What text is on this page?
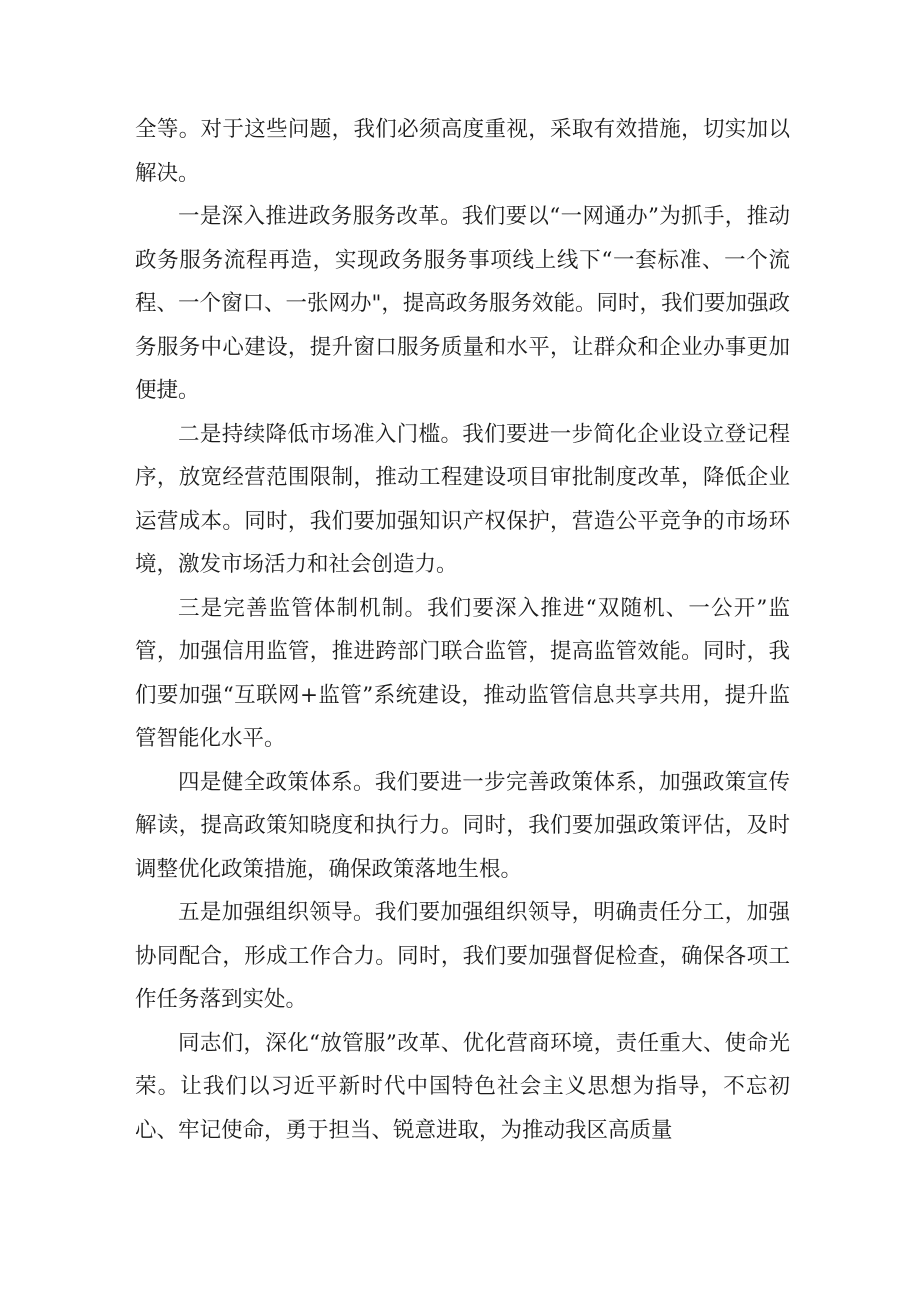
全等。对于这些问题，我们必须高度重视，采取有效措施，切实加以解决。

一是深入推进政务服务改革。我们要以“一网通办”为抓手，推动政务服务流程再造，实现政务服务事项线上线下“一套标准、一个流程、一个窗口、一张网办"，提高政务服务效能。同时，我们要加强政务服务中心建设，提升窗口服务质量和水平，让群众和企业办事更加便捷。

二是持续降低市场准入门槛。我们要进一步简化企业设立登记程序，放宽经营范围限制，推动工程建设项目审批制度改革，降低企业运营成本。同时，我们要加强知识产权保护，营造公平竞争的市场环境，激发市场活力和社会创造力。

三是完善监管体制机制。我们要深入推进“双随机、一公开”监管，加强信用监管，推进跨部门联合监管，提高监管效能。同时，我们要加强“互联网+监管”系统建设，推动监管信息共享共用，提升监管智能化水平。

四是健全政策体系。我们要进一步完善政策体系，加强政策宣传解读，提高政策知晓度和执行力。同时，我们要加强政策评估，及时调整优化政策措施，确保政策落地生根。

五是加强组织领导。我们要加强组织领导，明确责任分工，加强协同配合，形成工作合力。同时，我们要加强督促检查，确保各项工作任务落到实处。

同志们，深化“放管服”改革、优化营商环境，责任重大、使命光荣。让我们以习近平新时代中国特色社会主义思想为指导，不忘初心、牢记使命，勇于担当、锐意进取，为推动我区高质量
